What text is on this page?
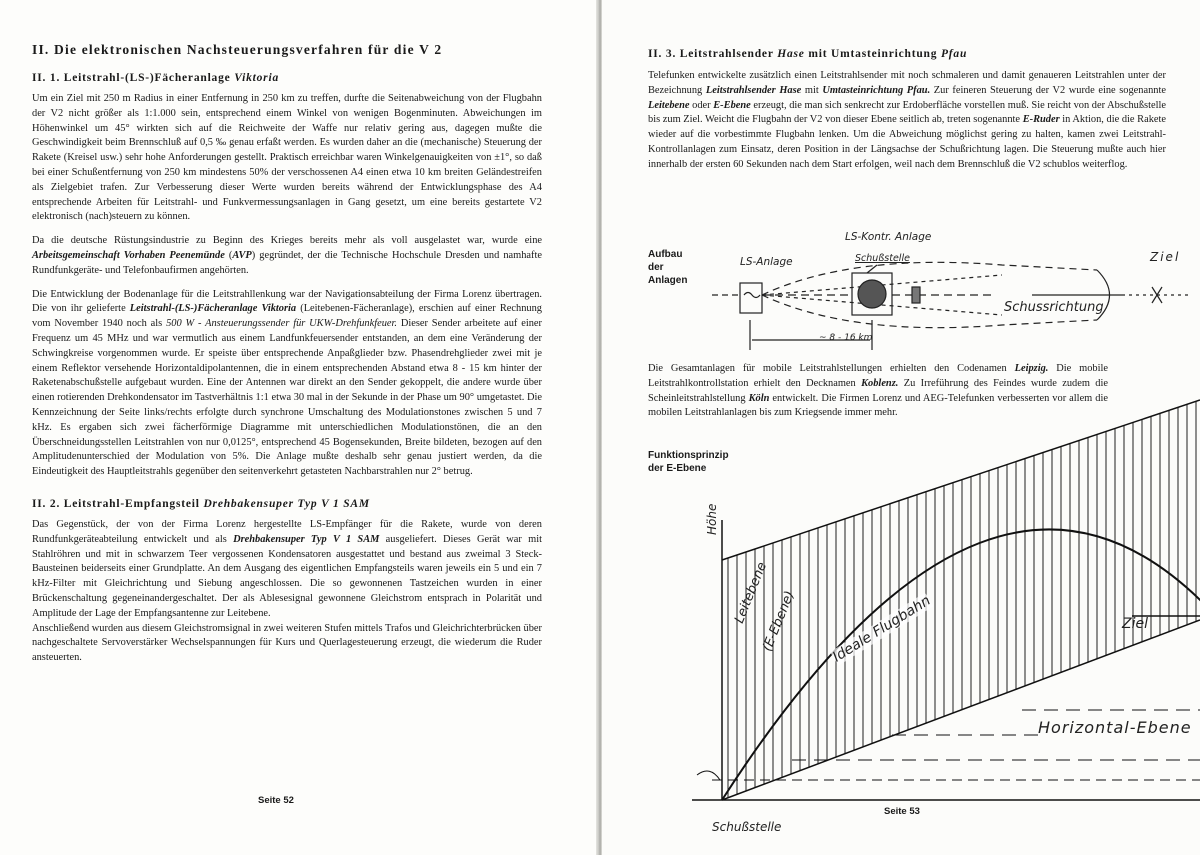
II. Die elektronischen Nachsteuerungsverfahren für die V 2
II. 1. Leitstrahl-(LS-)Fächeranlage Viktoria

Um ein Ziel mit 250 m Radius in einer Entfernung in 250 km zu treffen, durfte die Seitenabweichung von der Flugbahn der V2 nicht größer als 1:1.000 sein, entsprechend einem Winkel von wenigen Bogenminuten. Abweichungen im Höhenwinkel um 45° wirkten sich auf die Reichweite der Waffe nur relativ gering aus, dagegen mußte die Geschwindigkeit beim Brennschluß auf 0,5 ‰ genau erfaßt werden. Es wurden daher an die (mechanische) Steuerung der Rakete (Kreisel usw.) sehr hohe Anforderungen gestellt. Praktisch erreichbar waren Winkelgenauigkeiten von ±1°, so daß bei einer Schußentfernung von 250 km mindestens 50% der verschossenen A4 einen etwa 10 km breiten Geländestreifen als Zielgebiet trafen. Zur Verbesserung dieser Werte wurden bereits während der Entwicklungsphase des A4 entsprechende Arbeiten für Leitstrahl- und Funkvermessungsanlagen in Gang gesetzt, um eine bereits gestartete V2 elektronisch (nach)steuern zu können.

Da die deutsche Rüstungsindustrie zu Beginn des Krieges bereits mehr als voll ausgelastet war, wurde eine Arbeitsgemeinschaft Vorhaben Peenemünde (AVP) gegründet, der die Technische Hochschule Dresden und namhafte Rundfunkgeräte- und Telefonbaufirmen angehörten.

Die Entwicklung der Bodenanlage für die Leitstrahllenkung war der Navigationsabteilung der Firma Lorenz übertragen. Die von ihr gelieferte Leitstrahl-(LS-)Fächeranlage Viktoria (Leitebenen-Fächeranlage), erschien auf einer Rechnung vom November 1940 noch als 500 W - Ansteuerungssender für UKW-Drehfunkfeuer. Dieser Sender arbeitete auf einer Frequenz um 45 MHz und war vermutlich aus einem Landfunkfeuersender entstanden, an dem eine Veränderung der Schwingkreise vorgenommen wurde. Er speiste über entsprechende Anpaßglieder bzw. Phasendrehglieder zwei mit je einem Reflektor versehende Horizontaldipolantennen, die in einem entsprechenden Abstand etwa 8 - 15 km hinter der Raketenabschußstelle aufgebaut wurden. Eine der Antennen war direkt an den Sender gekoppelt, die andere wurde über einen rotierenden Drehkondensator im Tastverhältnis 1:1 etwa 30 mal in der Sekunde in der Phase um 90° umgetastet. Die Kennzeichnung der Seite links/rechts erfolgte durch synchrone Umschaltung des Modulationstones zwischen 5 und 7 kHz. Es ergaben sich zwei fächerförmige Diagramme mit unterschiedlichen Modulationstönen, die an den Überschneidungsstellen Leitstrahlen von nur 0,0125°, entsprechend 45 Bogensekunden, Breite bildeten, bezogen auf den Amplitudenunterschied der Modulation von 5%. Die Anlage mußte deshalb sehr genau justiert werden, da die Eindeutigkeit des Hauptleitstrahls gegenüber den seitenverkehrt getasteten Nachbarstrahlen nur 2° betrug.

II. 2. Leitstrahl-Empfangsteil Drehbakensuper Typ V 1 SAM

Das Gegenstück, der von der Firma Lorenz hergestellte LS-Empfänger für die Rakete, wurde von deren Rundfunkgeräteabteilung entwickelt und als Drehbakensuper Typ V 1 SAM ausgeliefert. Dieses Gerät war mit Stahlröhren und mit in schwarzem Teer vergossenen Kondensatoren ausgestattet und bestand aus zweimal 3 Steck-Bausteinen beiderseits einer Grundplatte. An dem Ausgang des eigentlichen Empfangsteils waren jeweils ein 5 und ein 7 kHz-Filter mit Gleichrichtung und Siebung angeschlossen. Die so gewonnenen Tastzeichen wurden in einer Brückenschaltung gegeneinandergeschaltet. Der als Ablesesignal gewonnene Gleichstrom entsprach in Polarität und Amplitude der Lage der Empfangsantenne zur Leitebene.

Anschließend wurden aus diesem Gleichstromsignal in zwei weiteren Stufen mittels Trafos und Gleichrichterbrücken über nachgeschaltete Servoverstärker Wechselspannungen für Kurs und Querlagesteuerung erzeugt, die wiederum die Ruder ansteuerten.

Seite 52
II. 3. Leitstrahlsender Hase mit Umtasteinrichtung Pfau

Telefunken entwickelte zusätzlich einen Leitstrahlsender mit noch schmaleren und damit genaueren Leitstrahlen unter der Bezeichnung Leitstrahlsender Hase mit Umtasteinrichtung Pfau. Zur feineren Steuerung der V2 wurde eine sogenannte Leitebene oder E-Ebene erzeugt, die man sich senkrecht zur Erdoberfläche vorstellen muß. Sie reicht von der Abschußstelle bis zum Ziel. Weicht die Flugbahn der V2 von dieser Ebene seitlich ab, treten sogenannte E-Ruder in Aktion, die die Rakete wieder auf die vorbestimmte Flugbahn lenken. Um die Abweichung möglichst gering zu halten, kamen zwei Leitstrahl-Kontrollanlagen zum Einsatz, deren Position in der Längsachse der Schußrichtung lagen. Die Steuerung mußte auch hier innerhalb der ersten 60 Sekunden nach dem Start erfolgen, weil nach dem Brennschluß die V2 schublos weiterflog.

Aufbau
der
Anlagen
LS-Anlage
LS-Kontr. Anlage
Schußstelle	Ziel
Schussrichtung
~ 8 - 16 km

Die Gesamtanlagen für mobile Leitstrahlstellungen erhielten den Codenamen Leipzig. Die mobile Leitstrahlkontrollstation erhielt den Decknamen Koblenz. Zu Irreführung des Feindes wurde zudem die Scheinleitstrahlstellung Köln entwickelt. Die Firmen Lorenz und AEG-Telefunken verbesserten vor allem die mobilen Leitstrahlanlagen bis zum Kriegsende immer mehr.

Funktionsprinzip
der E-Ebene
Höhe
Leitebene
(E-Ebene) Ideale Flugbahn	Ziel
Horizontal-Ebene
Schußstelle
Seite 53
